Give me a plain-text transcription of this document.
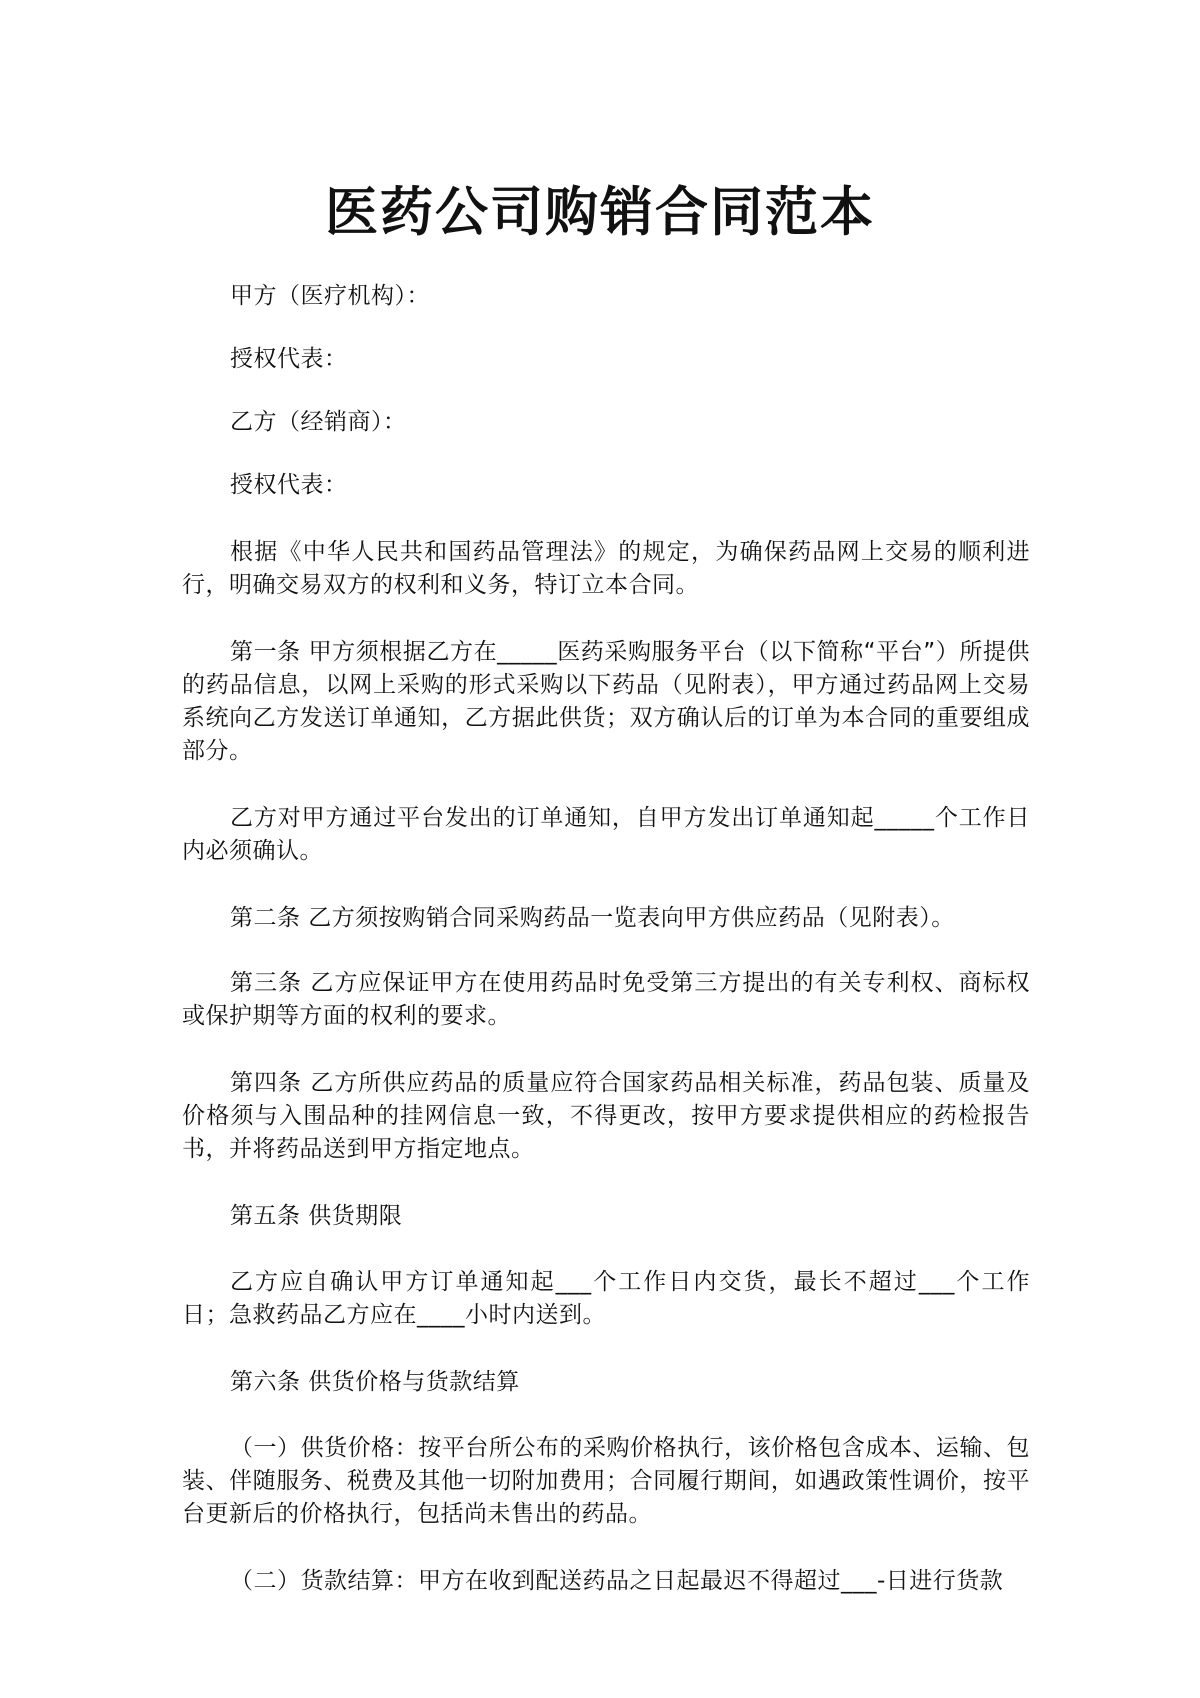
医药公司购销合同范本

甲方（医疗机构）：

授权代表：

乙方（经销商）：

授权代表：

根据《中华人民共和国药品管理法》的规定，为确保药品网上交易的顺利进行，明确交易双方的权利和义务，特订立本合同。

第一条 甲方须根据乙方在_____医药采购服务平台（以下简称“平台”）所提供的药品信息，以网上采购的形式采购以下药品（见附表），甲方通过药品网上交易系统向乙方发送订单通知，乙方据此供货；双方确认后的订单为本合同的重要组成部分。

乙方对甲方通过平台发出的订单通知，自甲方发出订单通知起_____个工作日内必须确认。

第二条 乙方须按购销合同采购药品一览表向甲方供应药品（见附表）。

第三条 乙方应保证甲方在使用药品时免受第三方提出的有关专利权、商标权或保护期等方面的权利的要求。

第四条 乙方所供应药品的质量应符合国家药品相关标准，药品包装、质量及价格须与入围品种的挂网信息一致，不得更改，按甲方要求提供相应的药检报告书，并将药品送到甲方指定地点。

第五条 供货期限

乙方应自确认甲方订单通知起___个工作日内交货，最长不超过___个工作日；急救药品乙方应在____小时内送到。

第六条 供货价格与货款结算

（一）供货价格：按平台所公布的采购价格执行，该价格包含成本、运输、包装、伴随服务、税费及其他一切附加费用；合同履行期间，如遇政策性调价，按平台更新后的价格执行，包括尚未售出的药品。

（二）货款结算：甲方在收到配送药品之日起最迟不得超过___-日进行货款
